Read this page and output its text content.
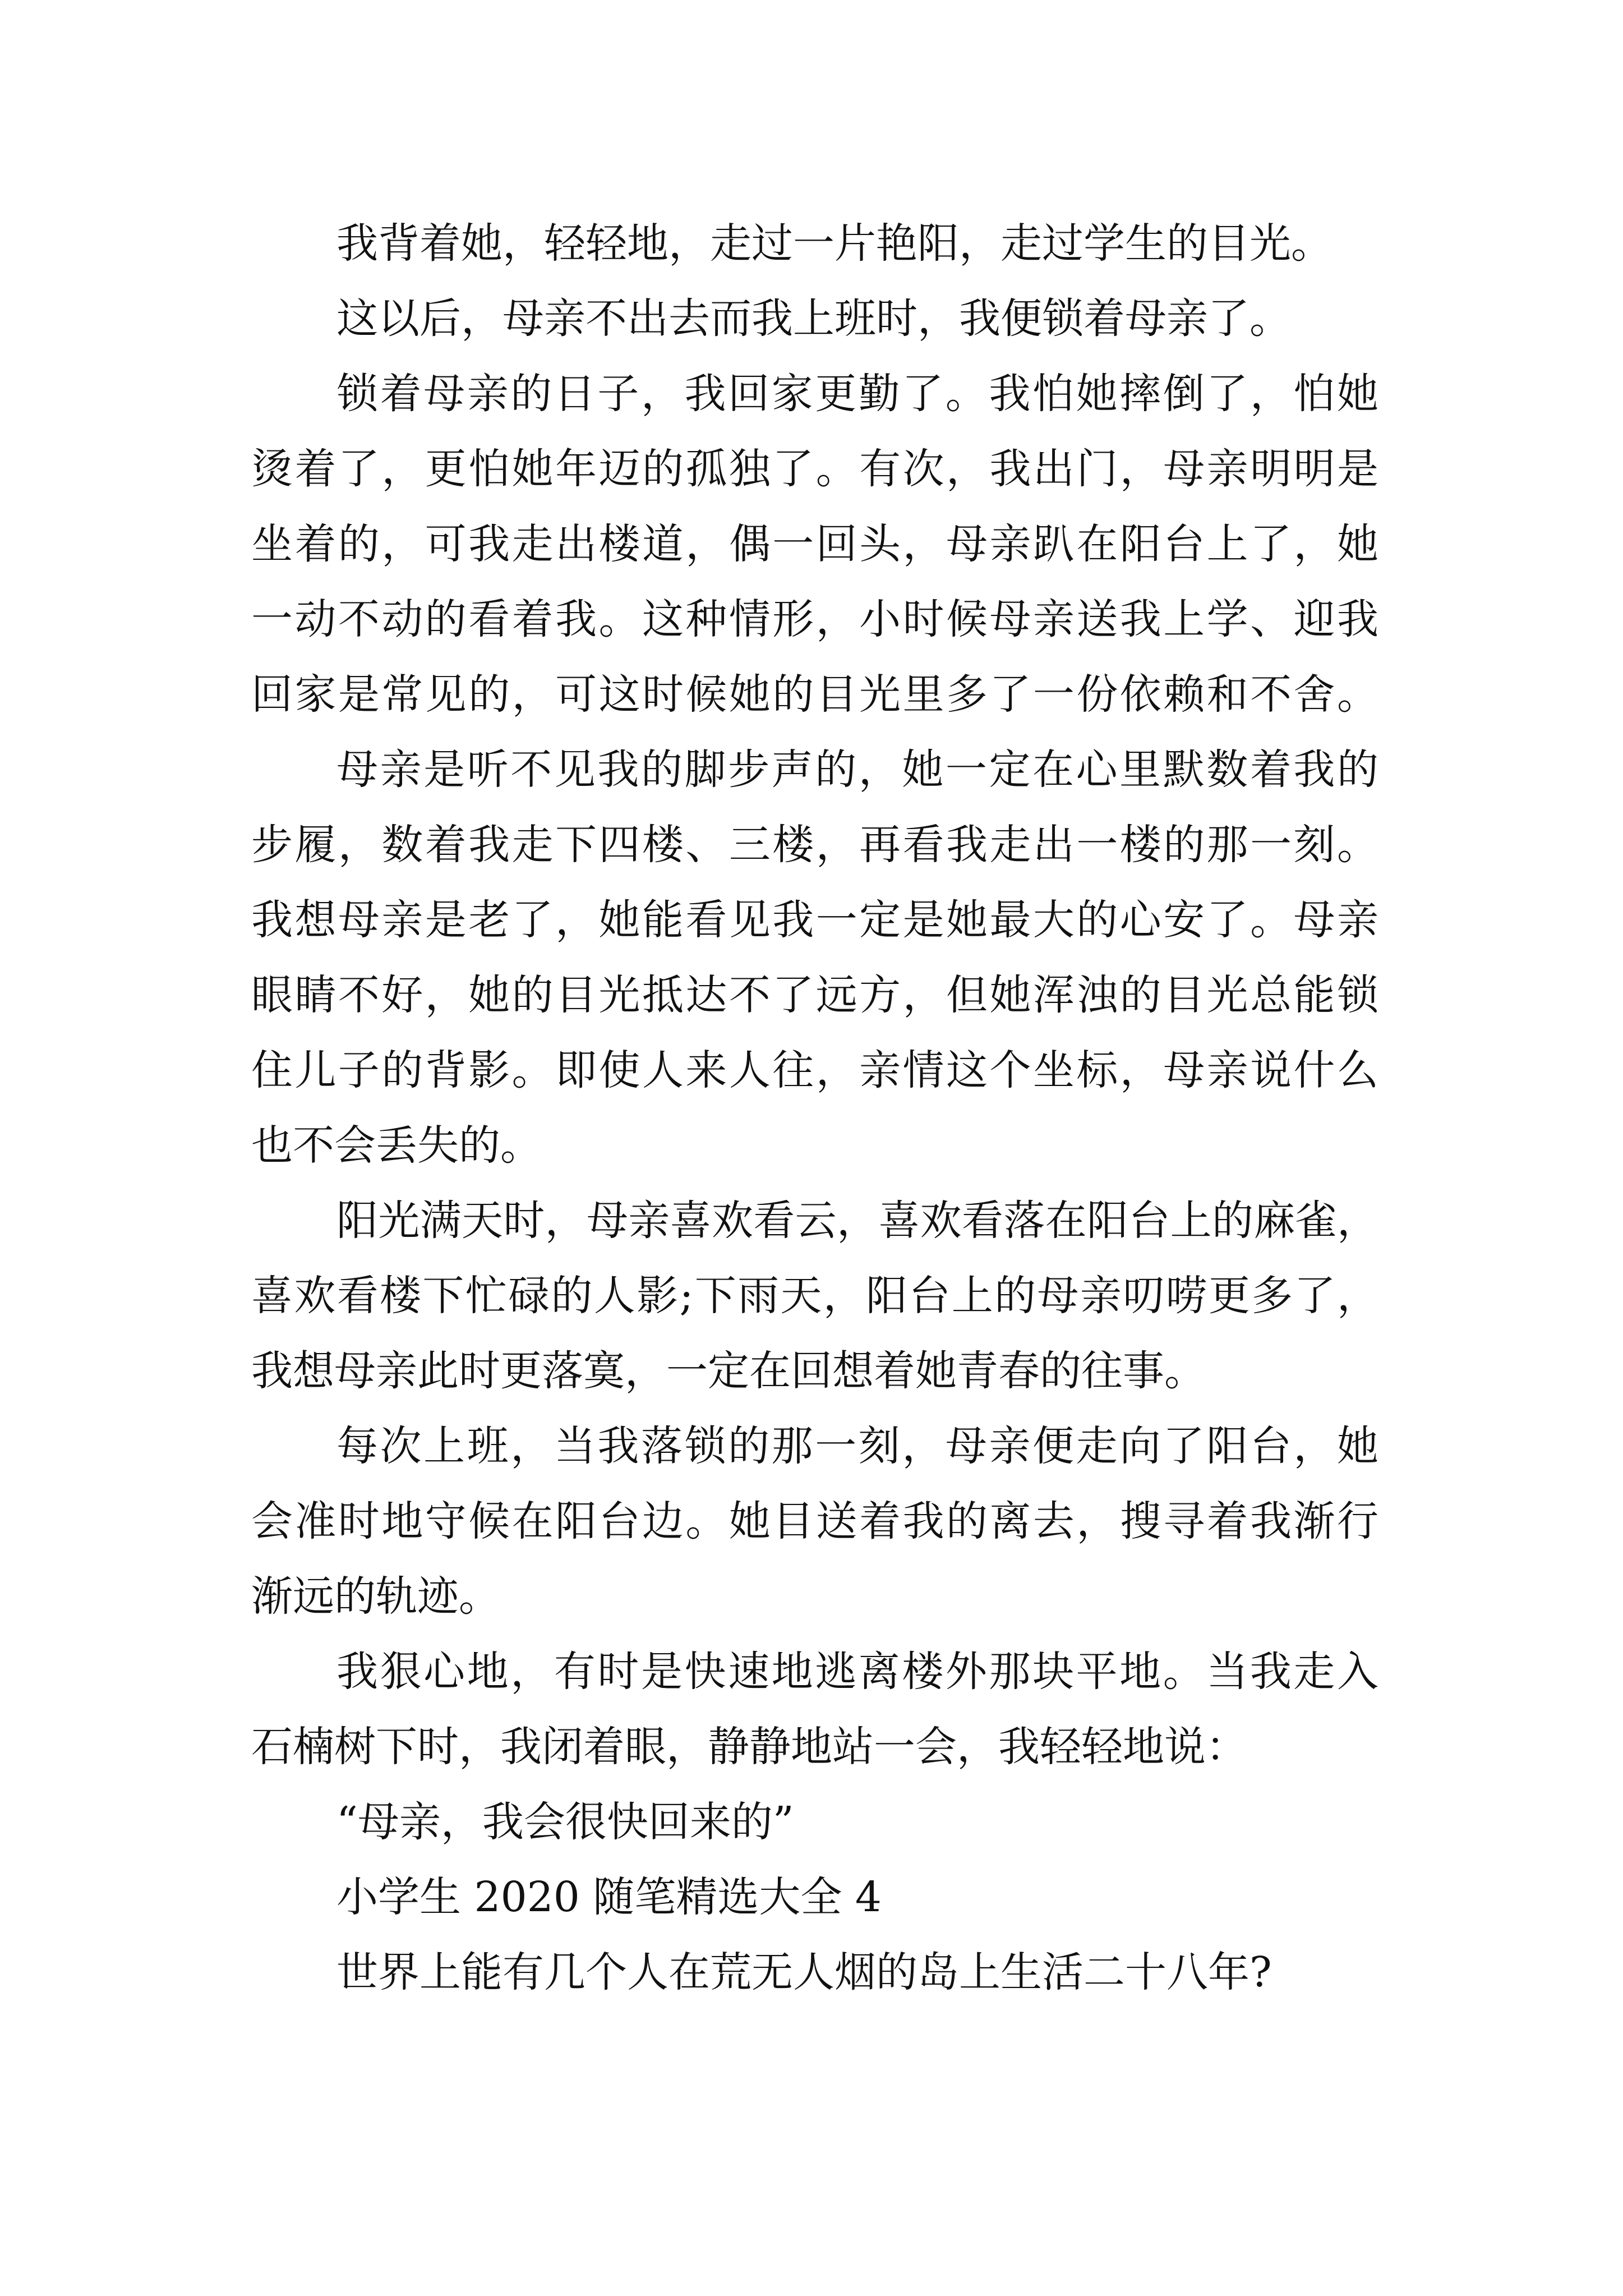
我背着她，轻轻地，走过一片艳阳，走过学生的目光。
这以后，母亲不出去而我上班时，我便锁着母亲了。
锁着母亲的日子，我回家更勤了。我怕她摔倒了，怕她
烫着了，更怕她年迈的孤独了。有次，我出门，母亲明明是
坐着的，可我走出楼道，偶一回头，母亲趴在阳台上了，她
一动不动的看着我。这种情形，小时候母亲送我上学、迎我
回家是常见的，可这时候她的目光里多了一份依赖和不舍。
母亲是听不见我的脚步声的，她一定在心里默数着我的
步履，数着我走下四楼、三楼，再看我走出一楼的那一刻。
我想母亲是老了，她能看见我一定是她最大的心安了。母亲
眼睛不好，她的目光抵达不了远方，但她浑浊的目光总能锁
住儿子的背影。即使人来人往，亲情这个坐标，母亲说什么
也不会丢失的。
阳光满天时，母亲喜欢看云，喜欢看落在阳台上的麻雀，
喜欢看楼下忙碌的人影;下雨天，阳台上的母亲叨唠更多了，
我想母亲此时更落寞，一定在回想着她青春的往事。
每次上班，当我落锁的那一刻，母亲便走向了阳台，她
会准时地守候在阳台边。她目送着我的离去，搜寻着我渐行
渐远的轨迹。
我狠心地，有时是快速地逃离楼外那块平地。当我走入
石楠树下时，我闭着眼，静静地站一会，我轻轻地说：
“母亲，我会很快回来的”
小学生 2020 随笔精选大全 4
世界上能有几个人在荒无人烟的岛上生活二十八年?
